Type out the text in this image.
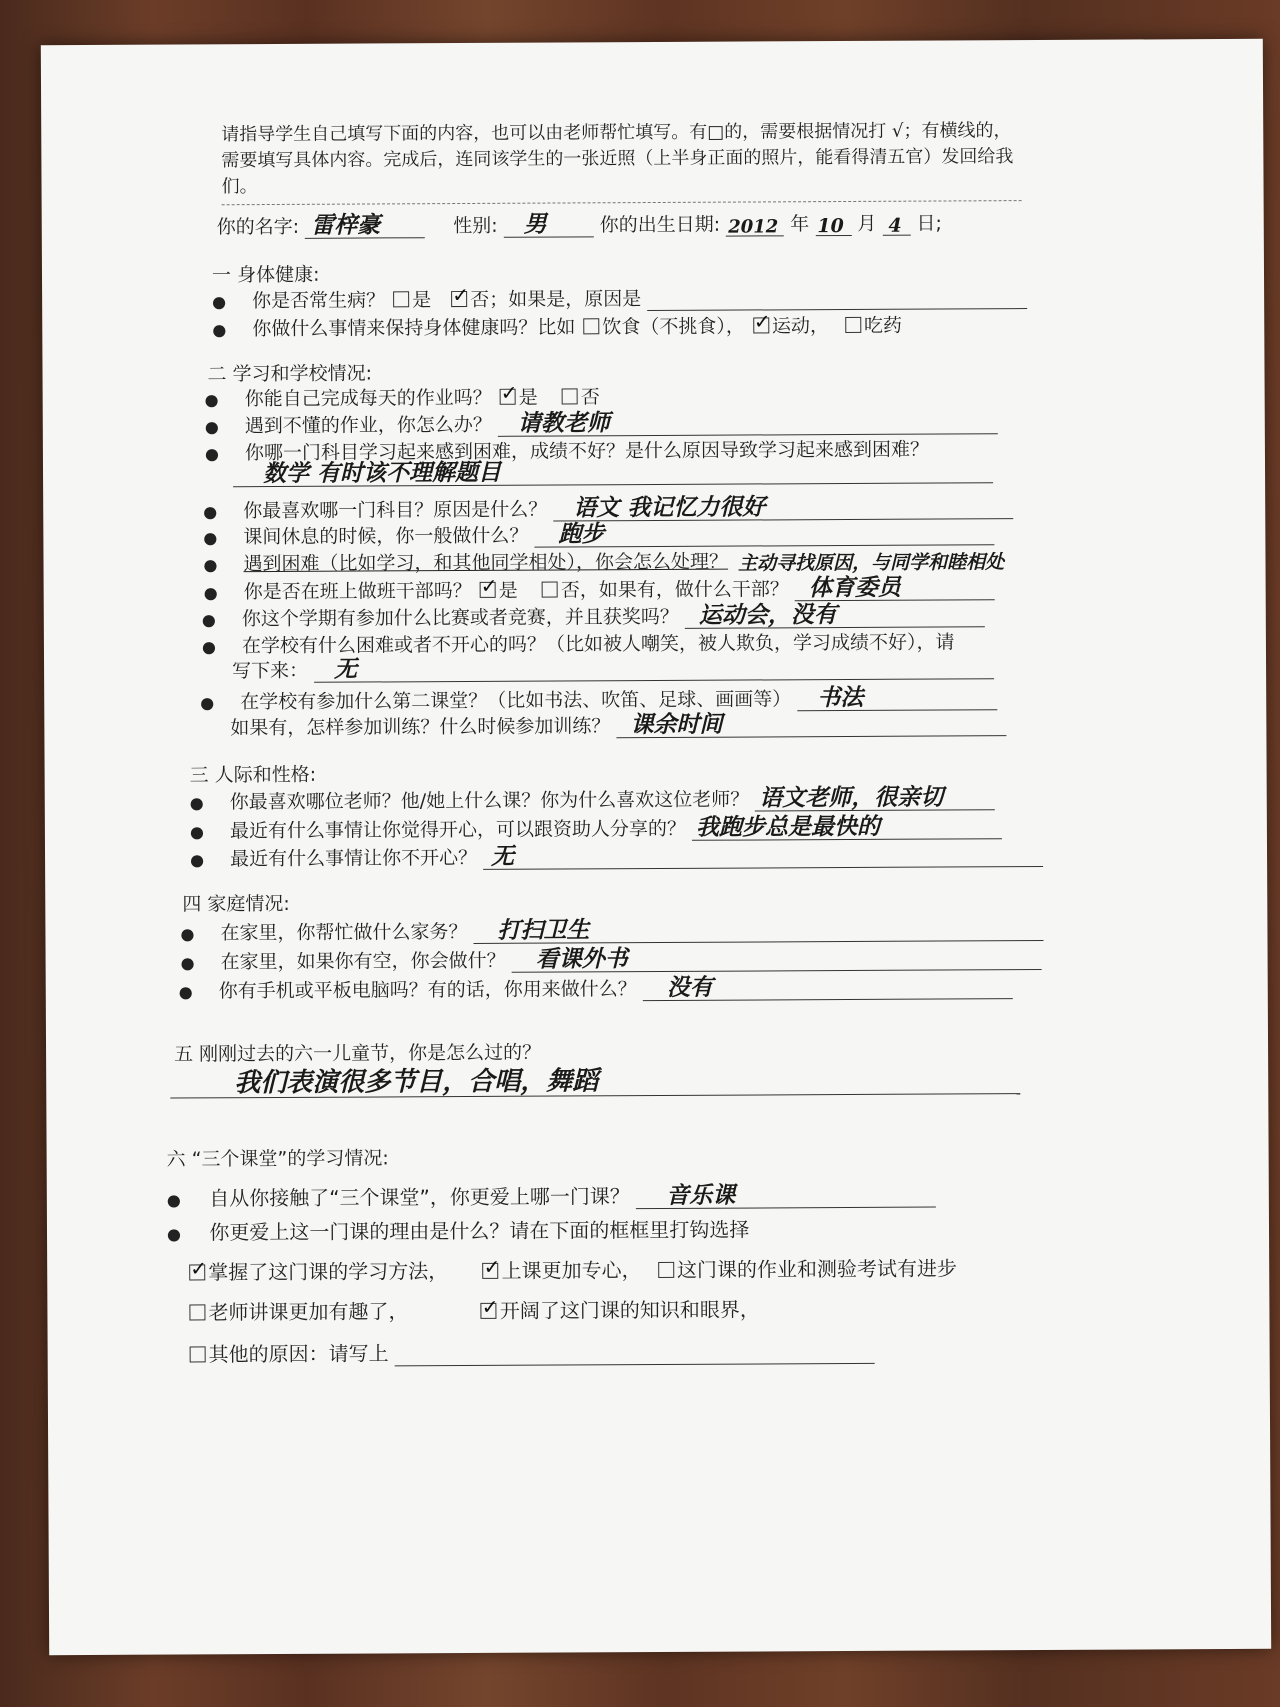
请指导学生自己填写下面的内容，也可以由老师帮忙填写。有□的，需要根据情况打 √；有横线的，需要填写具体内容。完成后，连同该学生的一张近照（上半身正面的照片，能看得清五官）发回给我们。
你的名字: 雷梓豪	性别: 男	你的出生日期: 2012 年 10 月 4 日;
一 身体健康:
● 你是否常生病？ 是 ✓ 否；如果是，原因是
● 你做什么事情来保持身体健康吗？比如 饮食（不挑食）， ✓ 运动， 吃药
二 学习和学校情况:
● 你能自己完成每天的作业吗？ ✓ 是 否
● 遇到不懂的作业，你怎么办？ 请教老师
● 你哪一门科目学习起来感到困难，成绩不好？是什么原因导致学习起来感到困难？
数学 有时该不理解题目
● 你最喜欢哪一门科目？原因是什么？ 语文 我记忆力很好
● 课间休息的时候，你一般做什么？ 跑步
● 遇到困难（比如学习，和其他同学相处），你会怎么处理？ 主动寻找原因，与同学和睦相处
● 你是否在班上做班干部吗？ ✓ 是 否，如果有，做什么干部？ 体育委员
● 你这个学期有参加什么比赛或者竞赛，并且获奖吗？ 运动会，没有
● 在学校有什么困难或者不开心的吗？（比如被人嘲笑，被人欺负，学习成绩不好），请
写下来： 无
● 在学校有参加什么第二课堂？（比如书法、吹笛、足球、画画等） 书法
如果有，怎样参加训练？什么时候参加训练？ 课余时间
三 人际和性格:
● 你最喜欢哪位老师？他/她上什么课？你为什么喜欢这位老师？ 语文老师，很亲切
● 最近有什么事情让你觉得开心，可以跟资助人分享的？ 我跑步总是最快的
● 最近有什么事情让你不开心？ 无
四 家庭情况:
● 在家里，你帮忙做什么家务？ 打扫卫生
● 在家里，如果你有空，你会做什？ 看课外书
● 你有手机或平板电脑吗？有的话，你用来做什么？ 没有
五 刚刚过去的六一儿童节，你是怎么过的？
我们表演很多节目，合唱，舞蹈
六 “三个课堂”的学习情况:
● 自从你接触了“三个课堂”，你更爱上哪一门课？ 音乐课
● 你更爱上这一门课的理由是什么？请在下面的框框里打钩选择
✓掌握了这门课的学习方法， ✓	上课更加专心， 这门课的作业和测验考试有进步
老师讲课更加有趣了， ✓	开阔了这门课的知识和眼界，
其他的原因：请写上
